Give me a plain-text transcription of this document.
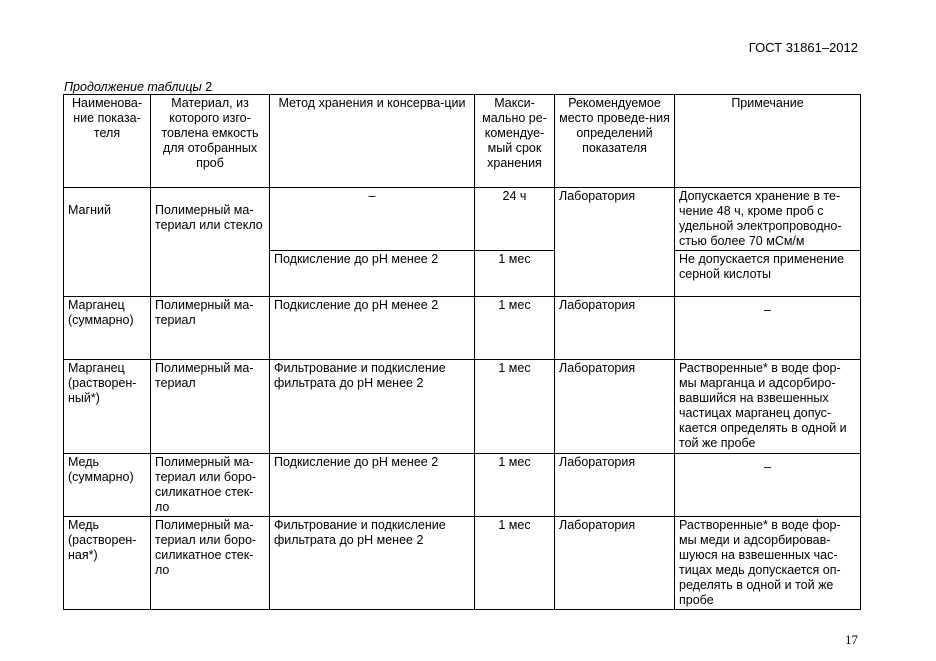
ГОСТ 31861–2012
Продолжение таблицы 2
Наименова-ние показа-теля	Материал, из которого изго-товлена емкость для отобранных проб	Метод хранения и консерва-ции	Макси-мально ре-комендуе-мый срок хранения	Рекомендуемое место проведе-ния определений показателя	Примечание
Магний	Полимерный ма-териал или стекло	–	24 ч	Лаборатория	Допускается хранение в те-чение 48 ч, кроме проб с удельной электропроводно-стью более 70 мСм/м
		Подкисление до рН менее 2	1 мес		Не допускается применение серной кислоты
Марганец (суммарно)	Полимерный ма-териал	Подкисление до рН менее 2	1 мес	Лаборатория	–
Марганец (растворен-ный*)	Полимерный ма-териал	Фильтрование и подкисление фильтрата до рН менее 2	1 мес	Лаборатория	Растворенные* в воде фор-мы марганца и адсорбиро-вавшийся на взвешенных частицах марганец допус-кается определять в одной и той же пробе
Медь (суммарно)	Полимерный ма-териал или боро-силикатное стек-ло	Подкисление до рН менее 2	1 мес	Лаборатория	–
Медь (растворен-ная*)	Полимерный ма-териал или боро-силикатное стек-ло	Фильтрование и подкисление фильтрата до рН менее 2	1 мес	Лаборатория	Растворенные* в воде фор-мы меди и адсорбировав-шуюся на взвешенных час-тицах медь допускается оп-ределять в одной и той же пробе
17
